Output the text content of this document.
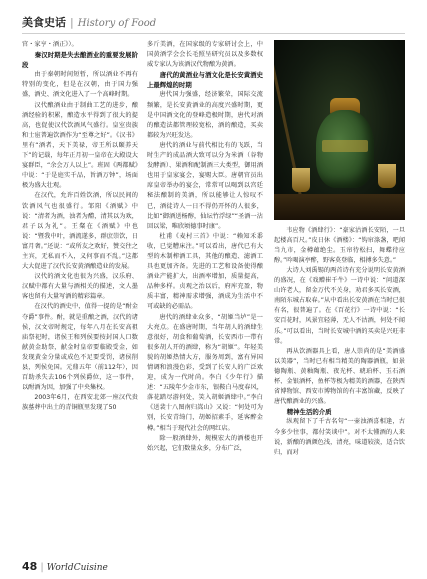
美食史话 | History of Food

官・家亨・酒正》）。

秦汉时期是失去酿酒业的重要发展阶段

由于秦朝时间短暂，所以酒业不再有特别的变化，但是在汉朝，由于国力强盛，酒史、酒文化进入了一个高峰时期。

汉代酿酒业由于制曲工艺的进步，酿酒经验的积累，酿造水平得到了很大的提高，也促使汉代饮酒风气盛行。皇室贵族和士宦普遍饮酒作为“至尊之好”。《汉书》里有“酒者，天下美禄，帝王所以颐养天下”的记载，每年正月初一皇帝在大殿设大宴群臣，“余会万人以上”。班固《两都赋》中说：“于是庭实千品，旨酒万钟”，场面极为盛大壮观。

在汉代，允许百姓饮酒，所以民间的饮酒风气也很盛行。邹阳《酒赋》中说：“清者为酒，浊者为醴，清其以为欢，君子以为礼”。王粲在《酒赋》中也说：“暨我中叶，酒流遂多，群庶崇饮，日富月奢。”还说：“或所友之欢好，赞交往之主宾，无私而不入，义何事而不乱。”这都大大促进了汉代长安黄酒酿造业的发展。

汉代的酒文化也很为兴盛，汉乐府、汉赋中都有大量与酒相关的描述，文人墨客也留有大量写酒的精彩篇章。

在汉代的酒史中，值得一提的是“酎金夺爵”事件。酎，就是重酿之酒，汉代的诸侯，汉文帝时规定，每年八月在长安高祖庙祭祀时，诸侯王和列侯要按封国人口数献黄金助祭，献金时皇帝要临殿受金，如发现黄金分量或成色不足要受罚，诸侯削县，列侯免国。元鼎五年（前112年），因百助杀失去106个列侯爵位，这一事件，以酎酒为因，加强了中央集权。

2003年6月，在西安北郊一座汉代贵族墓葬中出土的青铜瓶里发现了50

多斤美酒，在国家级的专家研讨会上，中国黄酒学会会长毛照呈研究员以及多数权威专家认为该酒汉代物酿为黄酒。

唐代的黄酒业与酒文化是长安黄酒史上最辉煌的时期

唐代国力强盛，经济繁荣，国际交流频繁，是长安黄酒业的高度兴盛时期，更是中国酒文化的登峰造极时期，唐代对酒的酿造法都管理较宽松，酒的酿造，买卖都较为兴旺发达。

唐代的酒业与前代相比有的飞跃，当时生产的成品酒大致可以分为米酒（谷物发酵酒）、果酒和配制酒三大类型，御用酒也用于皇家宴会，宴赐大臣。唐朝官员出席皇帝举办的宴会，常常可以喝到以宫廷秘法酿制的美酒，所以能够让人惊叹不已，酒徒诗人一日不得仍开怀的人很多，比如“御酒送杨醇，仙坛竹浮绿”“圣酒一沾回以梁，唯欣顷德事时康”。

杜甫《麦村三首》中说：“赖知禾黍收，已觉糟床注。”可以看出，唐代已有大型的木制榨酒工具，其他的酿造、滤酒工具也更加齐备。先进的工艺和设备使得酿酒业产能扩大，出酒率增加，质量提高，品种多样。贞观之治以后，府库充盈，物质丰富，精神需求增强，酒成为生活中不可或缺的必需品。

唐代的酒肆业众多，“胡姬当垆”是一大亮点。在盛唐时期，当年胡人的酒肆生意很好，胡食和葡萄酒，长安西市一带有很多胡人开的酒肆，称为“胡姬”。年轻美貌的胡姬热情大方，服务周到，富有异国情调和浪漫色彩，受到了长安人的广泛欢迎，成为一代时尚。李白《少年行》描述：“五陵年少金市东，银鞍白马度春风，落花踏尽游何处，笑入胡姬酒肆中。”李白《送裴十八图南归嵩山》又说：“何处可为别，长安青绮门，胡姬招素手，延客醉金樽。”相当于现代社会的网红店。

除一般酒肆外，规模宏大的酒楼也开始兴起，它们数量众多，分布广泛，

韦应物《酒肆行》：“豪家沽酒长安陌，一旦起楼高百尺。”皮日休《酒楼》：“钩帘涤盏，吧闻当九市，金樽蕴绝尘。玉帘待松扫，舞蝶待应醇。”吟喝演亭醉，野客莫登临，相搏多失意。”

大诗人刘禹锡的两首诗有充分说明长安黄酒的盛况，在《戏赠崔千牛》一诗中说：“问道深山许老人，留金万代不关身，劝君多买长安酒，南陌东城占取春。”从中看出长安黄酒在当时已很有名，很普遍了。在《百花行》一诗中说：“长安百花时，风景宜轻薄，无人不沽酒，何处不闻乐。”可以看出，当时长安城中酒的买卖是兴旺非常。

再从饮酒器具上看，唐人崇尚的是“美酒盛以美器”，当时已有相当精美的陶器酒瓶，如景德陶瓶、黄釉陶瓶、夜光杯、琥珀杯、玉石酒杯、金银酒杯，鱼杯等极为精美的酒器，在陕西省博物馆、西安市博物馆的有丰富馆藏，反映了唐代酿酒业的兴盛。

精神生活的介质

纵观留下了千古名句“一壶浊酒喜相逢，古今多少往事，都付笑谈中”。对不太懂酒的人来说，新酿的酒颜色浅，清亮，味道较淡，适合饮归，而对

48 | WorldCuisine
